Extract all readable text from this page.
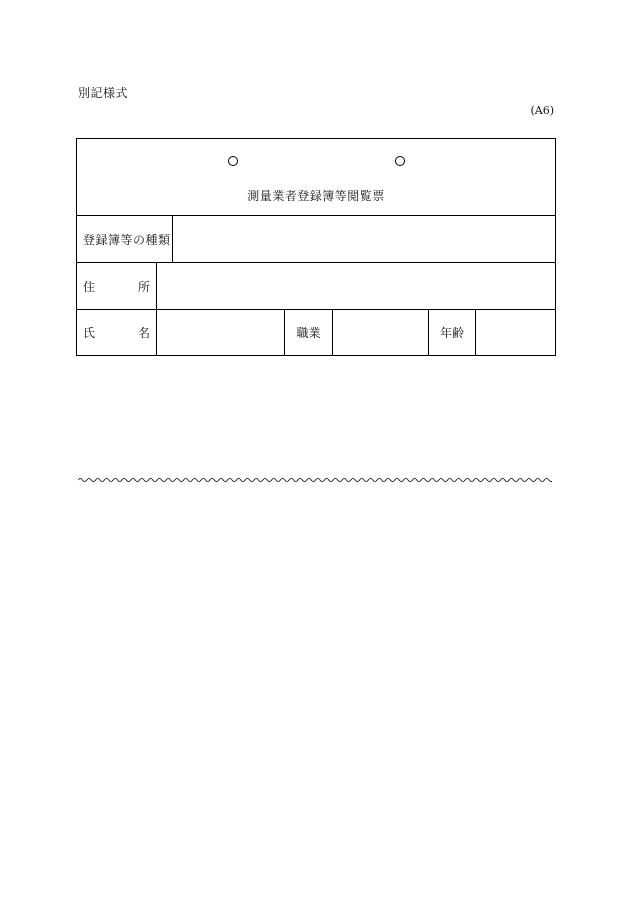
別記様式
(A6)
測量業者登録簿等閲覧票
登録簿等の種類
住	所
氏	名	職業	年齢
